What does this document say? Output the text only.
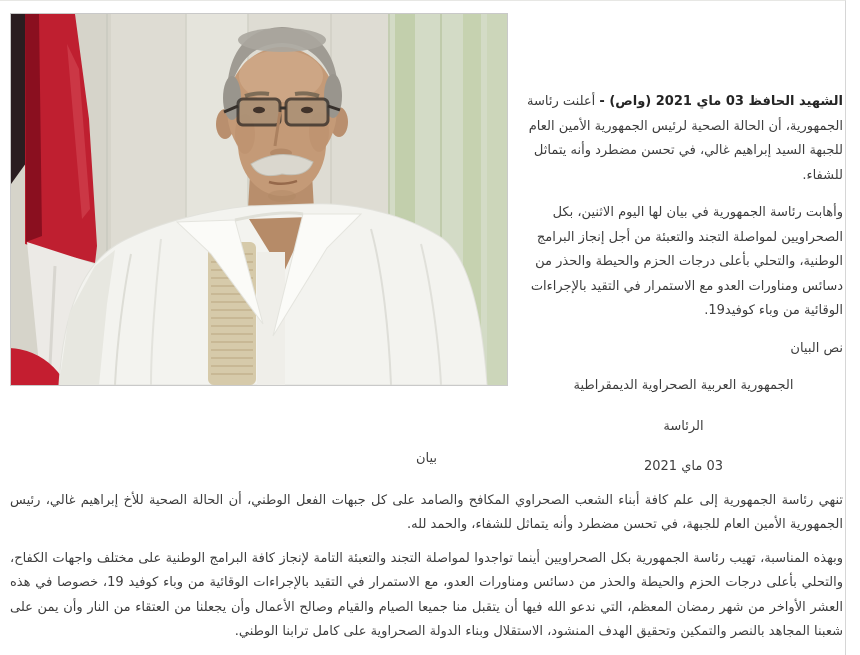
الشهيد الحافظ 03 ماي 2021 (واص) - أعلنت رئاسة الجمهورية، أن الحالة الصحية لرئيس الجمهورية الأمين العام للجبهة السيد إبراهيم غالي، في تحسن مضطرد وأنه يتماثل للشفاء.

وأهابت رئاسة الجمهورية في بيان لها اليوم الاثنين، بكل الصحراويين لمواصلة التجند والتعبئة من أجل إنجاز البرامج الوطنية، والتحلي بأعلى درجات الحزم والحيطة والحذر من دسائس ومناورات العدو مع الاستمرار في التقيد بالإجراءات الوقائية من وباء كوفيد19.

نص البيان

الجمهورية العربية الصحراوية الديمقراطية

الرئاسة

03 ماي 2021

بيان

تنهي رئاسة الجمهورية إلى علم كافة أبناء الشعب الصحراوي المكافح والصامد على كل جبهات الفعل الوطني، أن الحالة الصحية للأخ إبراهيم غالي، رئيس الجمهورية الأمين العام للجبهة، في تحسن مضطرد وأنه يتماثل للشفاء، والحمد لله.

وبهذه المناسبة، تهيب رئاسة الجمهورية بكل الصحراويين أينما تواجدوا لمواصلة التجند والتعبئة التامة لإنجاز كافة البرامج الوطنية على مختلف واجهات الكفاح، والتحلي بأعلى درجات الحزم والحيطة والحذر من دسائس ومناورات العدو، مع الاستمرار في التقيد بالإجراءات الوقائية من وباء كوفيد 19، خصوصا في هذه العشر الأواخر من شهر رمضان المعظم، التي ندعو الله فيها أن يتقبل منا جميعا الصيام والقيام وصالح الأعمال وأن يجعلنا من العتقاء من النار وأن يمن على شعبنا المجاهد بالنصر والتمكين وتحقيق الهدف المنشود، الاستقلال وبناء الدولة الصحراوية على كامل ترابنا الوطني.
